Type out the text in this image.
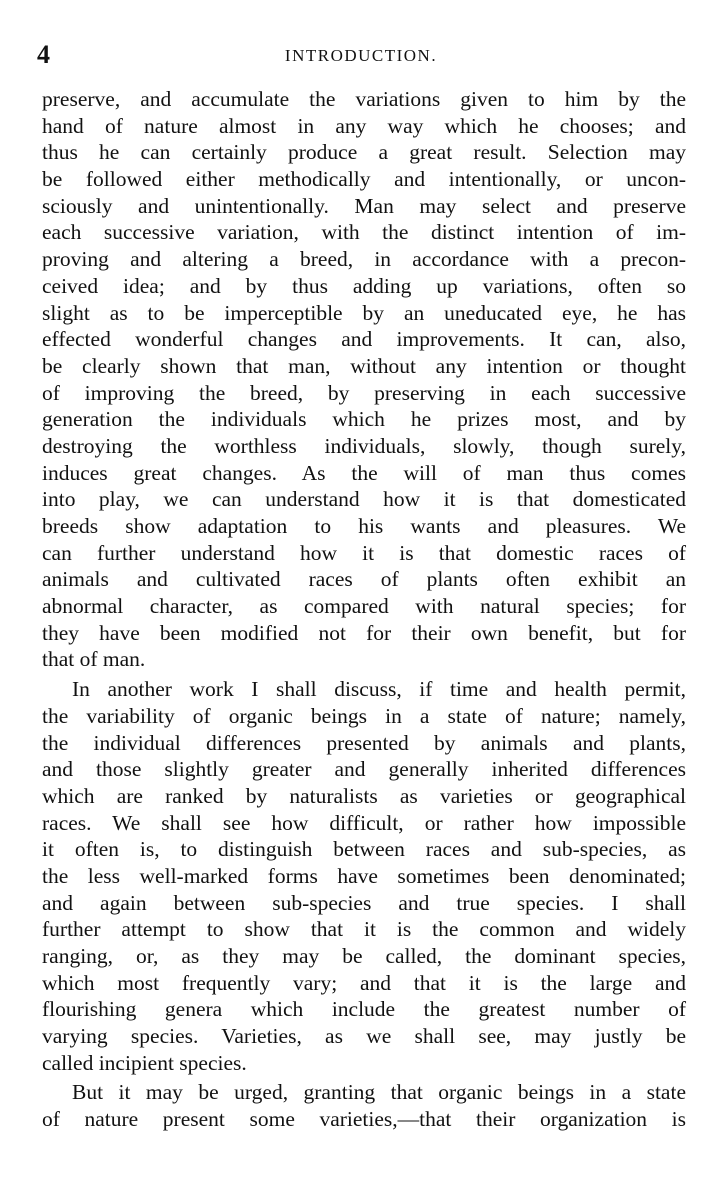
4	INTRODUCTION.
preserve, and accumulate the variations given to him by the
hand of nature almost in any way which he chooses; and
thus he can certainly produce a great result. Selection may
be followed either methodically and intentionally, or uncon-
sciously and unintentionally. Man may select and preserve
each successive variation, with the distinct intention of im-
proving and altering a breed, in accordance with a precon-
ceived idea; and by thus adding up variations, often so
slight as to be imperceptible by an uneducated eye, he has
effected wonderful changes and improvements. It can, also,
be clearly shown that man, without any intention or thought
of improving the breed, by preserving in each successive
generation the individuals which he prizes most, and by
destroying the worthless individuals, slowly, though surely,
induces great changes. As the will of man thus comes
into play, we can understand how it is that domesticated
breeds show adaptation to his wants and pleasures. We
can further understand how it is that domestic races of
animals and cultivated races of plants often exhibit an
abnormal character, as compared with natural species; for
they have been modified not for their own benefit, but for
that of man.
In another work I shall discuss, if time and health permit,
the variability of organic beings in a state of nature; namely,
the individual differences presented by animals and plants,
and those slightly greater and generally inherited differences
which are ranked by naturalists as varieties or geographical
races. We shall see how difficult, or rather how impossible
it often is, to distinguish between races and sub-species, as
the less well-marked forms have sometimes been denominated;
and again between sub-species and true species. I shall
further attempt to show that it is the common and widely
ranging, or, as they may be called, the dominant species,
which most frequently vary; and that it is the large and
flourishing genera which include the greatest number of
varying species. Varieties, as we shall see, may justly be
called incipient species.
But it may be urged, granting that organic beings in a state
of nature present some varieties,—that their organization is
